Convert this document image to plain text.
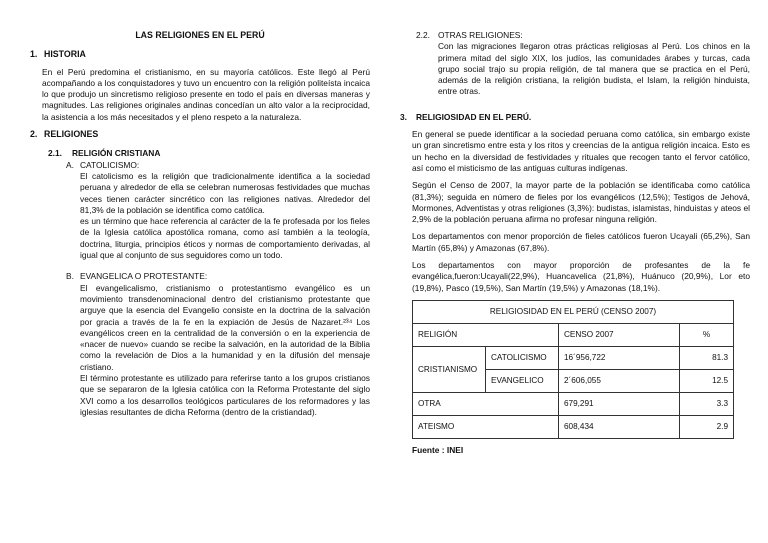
LAS RELIGIONES EN EL PERÚ
1. HISTORIA

En el Perú predomina el cristianismo, en su mayoría católicos. Este llegó al Perú acompañando a los conquistadores y tuvo un encuentro con la religión politeísta incaica lo que produjo un sincretismo religioso presente en todo el país en diversas maneras y magnitudes. Las religiones originales andinas concedían un alto valor a la reciprocidad, la asistencia a los más necesitados y el pleno respeto a la naturaleza.

2. RELIGIONES
2.1. RELIGIÓN CRISTIANA
A. CATOLICISMO:

El catolicismo es la religión que tradicionalmente identifica a la sociedad peruana y alrededor de ella se celebran numerosas festividades que muchas veces tienen carácter sincrético con las religiones nativas. Alrededor del 81,3% de la población se identifica como católica.

es un término que hace referencia al carácter de la fe profesada por los fieles de la Iglesia católica apostólica romana, como así también a la teología, doctrina, liturgia, principios éticos y normas de comportamiento derivadas, al igual que al conjunto de sus seguidores como un todo.

B. EVANGELICA O PROTESTANTE:

El evangelicalismo, cristianismo o protestantismo evangélico es un movimiento transdenominacional dentro del cristianismo protestante que arguye que la esencia del Evangelio consiste en la doctrina de la salvación por gracia a través de la fe en la expiación de Jesús de Nazaret.²³⁴ Los evangélicos creen en la centralidad de la conversión o en la experiencia de «nacer de nuevo» cuando se recibe la salvación, en la autoridad de la Biblia como la revelación de Dios a la humanidad y en la difusión del mensaje cristiano.

El término protestante es utilizado para referirse tanto a los grupos cristianos que se separaron de la Iglesia católica con la Reforma Protestante del siglo XVI como a los desarrollos teológicos particulares de los reformadores y las iglesias resultantes de dicha Reforma (dentro de la cristiandad).

2.2. OTRAS RELIGIONES:
Con las migraciones llegaron otras prácticas religiosas al Perú. Los chinos en la primera mitad del siglo XIX, los judíos, las comunidades árabes y turcas, cada grupo social trajo su propia religión, de tal manera que se practica en el Perú, además de la religión cristiana, la religión budista, el Islam, la religión hinduista, entre otras.
3. RELIGIOSIDAD EN EL PERÚ.

En general se puede identificar a la sociedad peruana como católica, sin embargo existe un gran sincretismo entre esta y los ritos y creencias de la antigua religión incaica. Esto es un hecho en la diversidad de festividades y rituales que recogen tanto el fervor católico, así como el misticismo de las antiguas culturas indígenas.

Según el Censo de 2007, la mayor parte de la población se identificaba como católica (81,3%); seguida en número de fieles por los evangélicos (12,5%); Testigos de Jehová, Mormones, Adventistas y otras religiones (3,3%): budistas, islamistas, hinduistas y ateos el 2,9% de la población peruana afirma no profesar ninguna religión.

Los departamentos con menor proporción de fieles católicos fueron Ucayali (65,2%), San Martín (65,8%) y Amazonas (67,8%).

Los departamentos con mayor proporción de profesantes de la fe evangélica,fueron:Ucayali(22,9%), Huancavelica (21,8%), Huánuco (20,9%), Lor eto (19,8%), Pasco (19,5%), San Martín (19,5%) y Amazonas (18,1%).

RELIGIOSIDAD EN EL PERÚ (CENSO 2007)			
RELIGIÓN		CENSO 2007	%
CRISTIANISMO	CATOLICISMO	16´956,722	81.3
	EVANGELICO	2´606,055	12.5
OTRA		679,291	3.3
ATEISMO		608,434	2.9
Fuente : INEI
